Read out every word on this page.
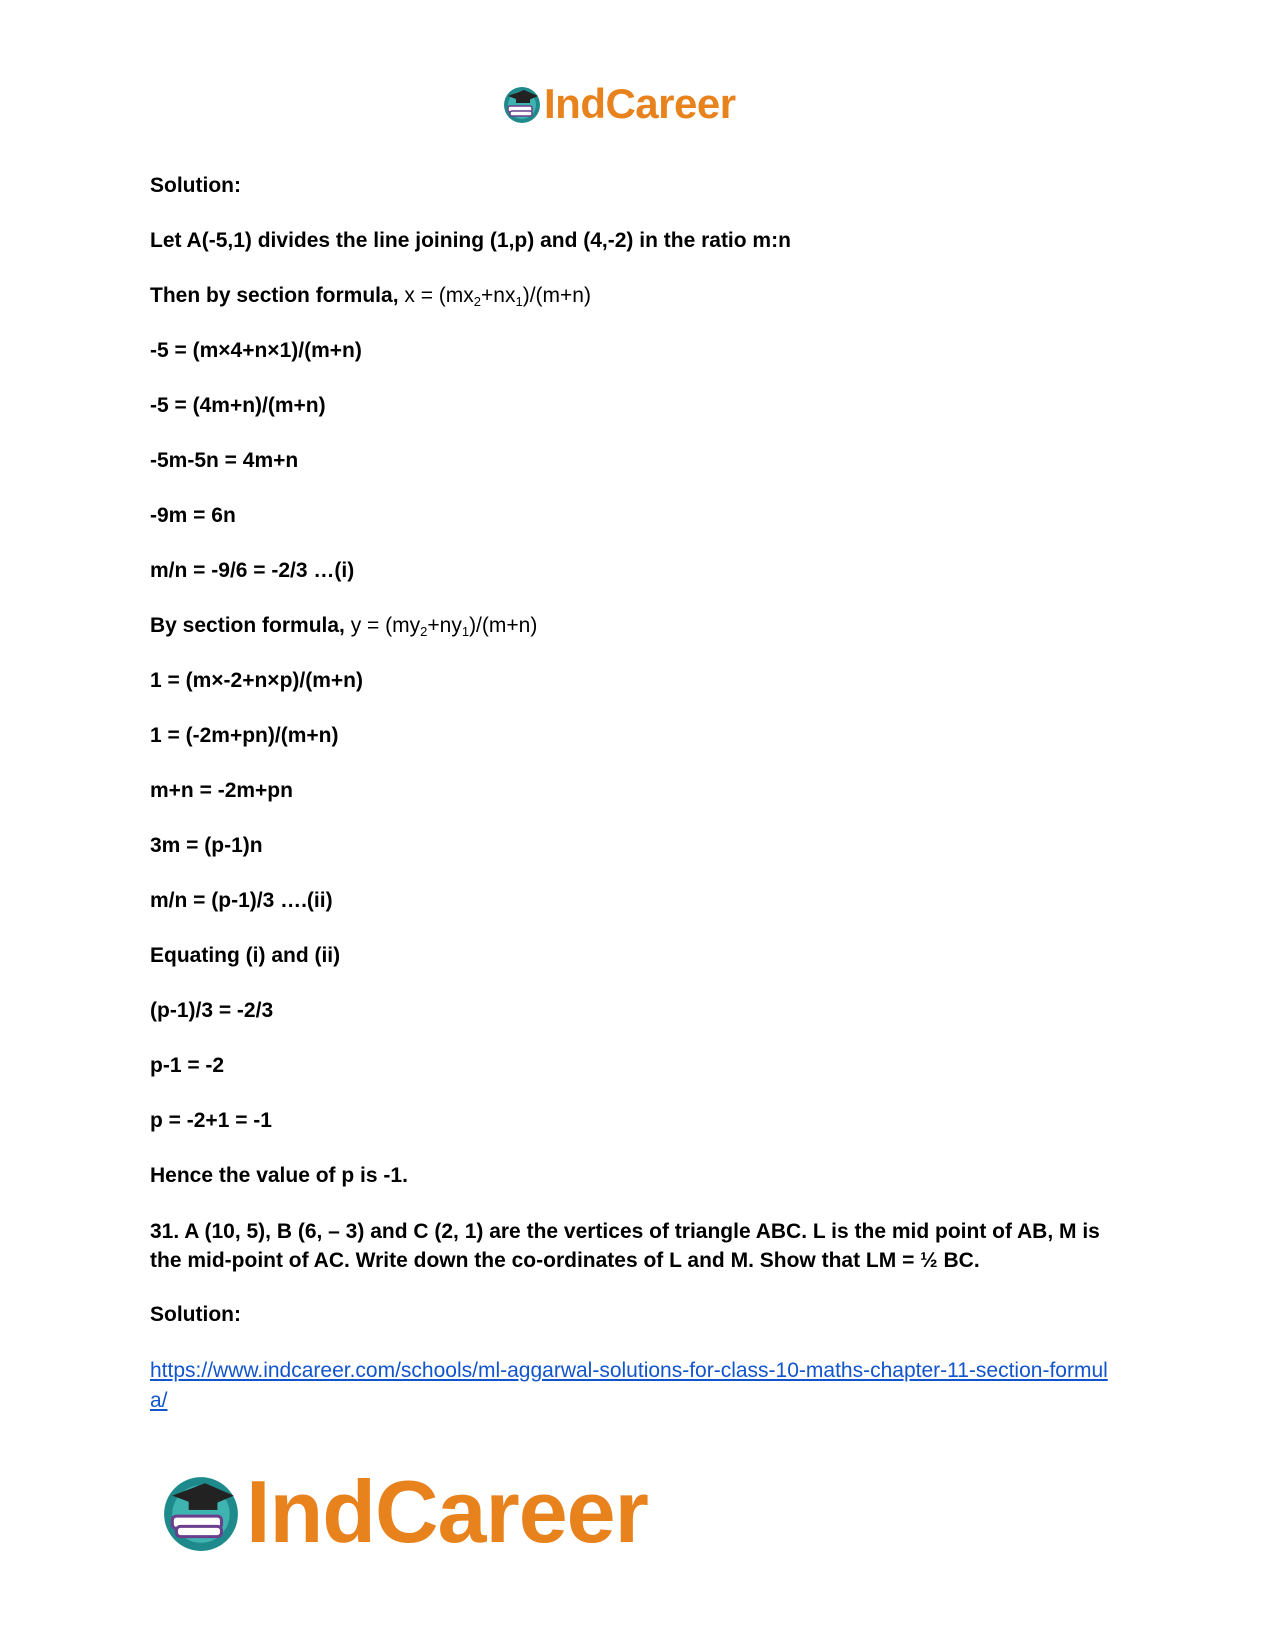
IndCareer
Solution:
Let A(-5,1) divides the line joining (1,p) and (4,-2) in the ratio m:n
Then by section formula, $x = (mx_2+nx_1)/(m+n)$
-5 = (m×4+n×1)/(m+n)
-5 = (4m+n)/(m+n)
-5m-5n = 4m+n
-9m = 6n
m/n = -9/6 = -2/3 …(i)
By section formula, $y = (my_2+ny_1)/(m+n)$
1 = (m×-2+n×p)/(m+n)
1 = (-2m+pn)/(m+n)
m+n = -2m+pn
3m = (p-1)n
m/n = (p-1)/3 ….(ii)
Equating (i) and (ii)
(p-1)/3 = -2/3
p-1 = -2
p = -2+1 = -1
Hence the value of p is -1.
31. A (10, 5), B (6, – 3) and C (2, 1) are the vertices of triangle ABC. L is the mid point of AB, M is the mid-point of AC. Write down the co-ordinates of L and M. Show that LM = ½ BC.
Solution:
https://www.indcareer.com/schools/ml-aggarwal-solutions-for-class-10-maths-chapter-11-section-formula/
IndCareer
